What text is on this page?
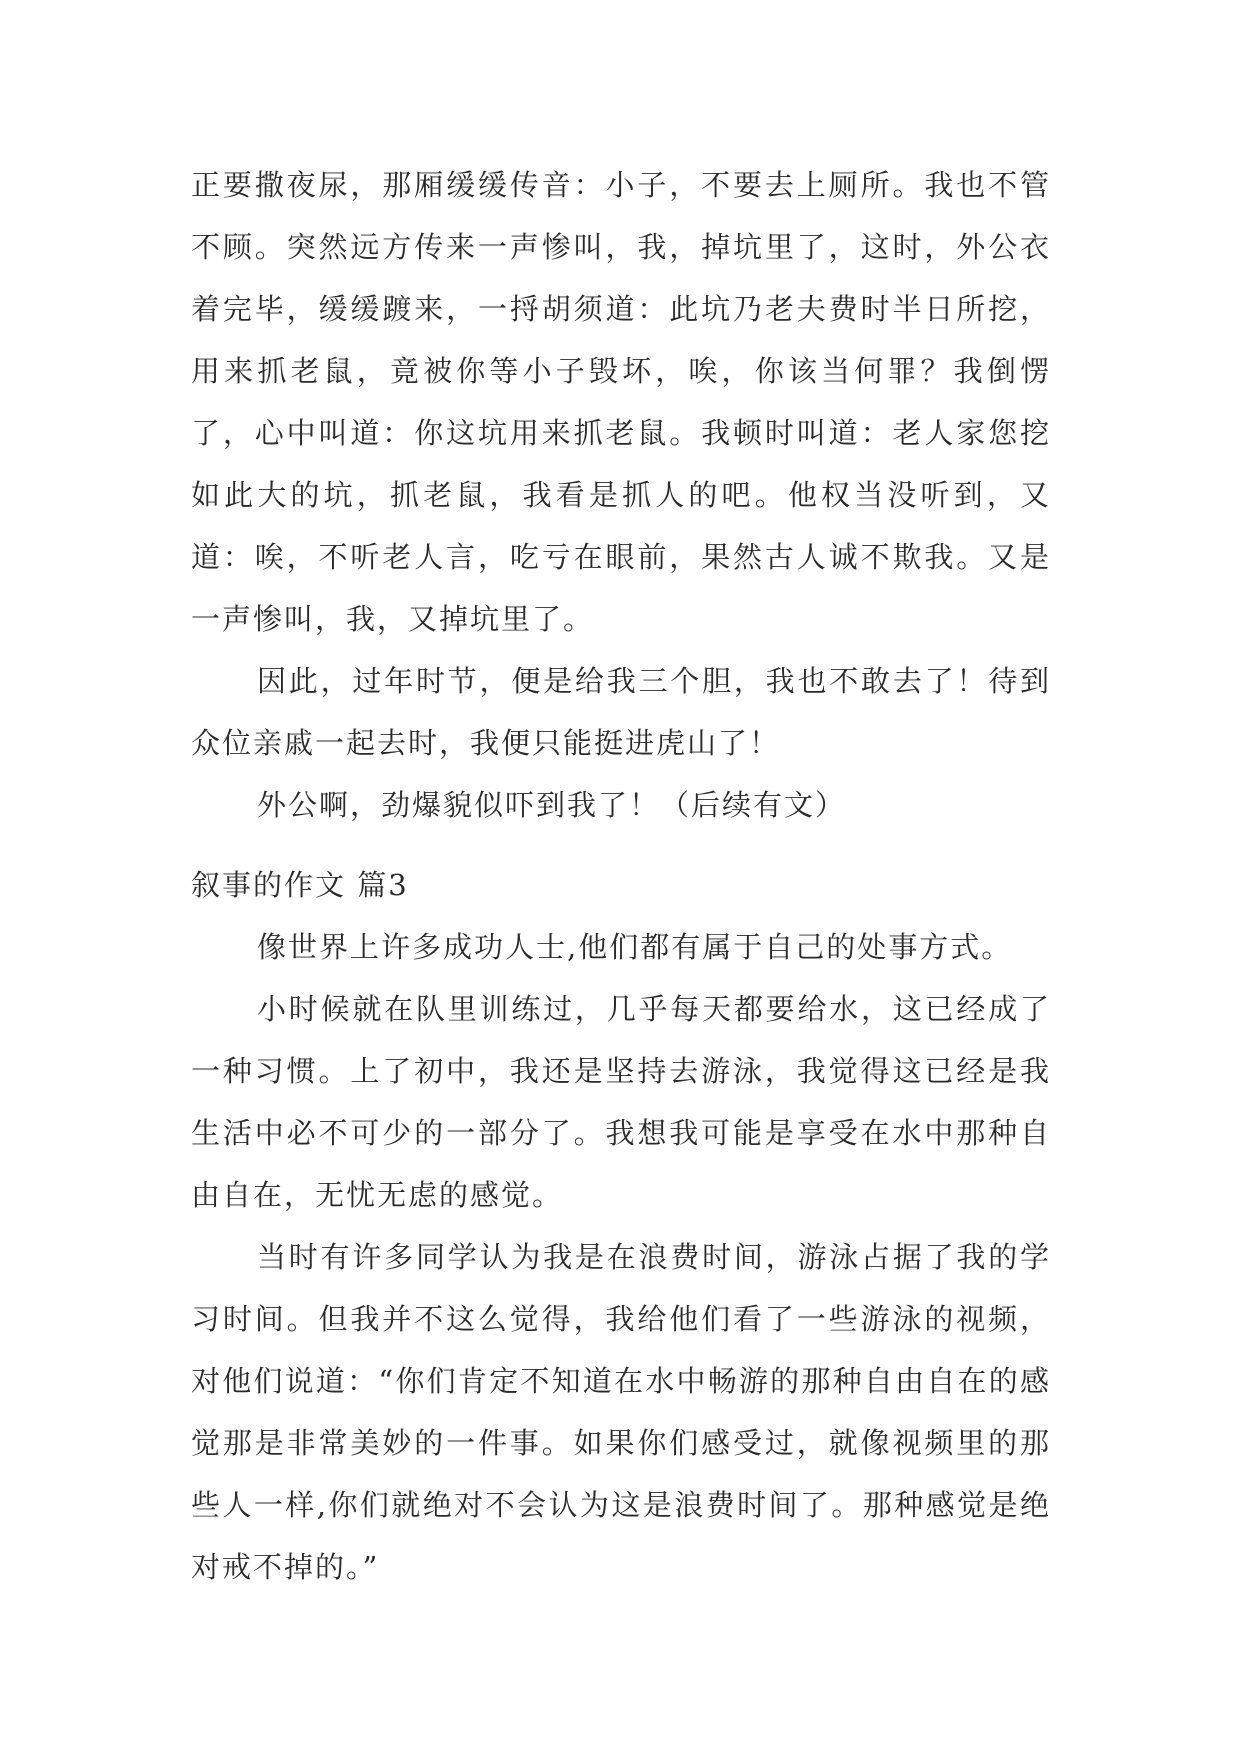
正要撒夜尿，那厢缓缓传音：小子，不要去上厕所。我也不管不顾。突然远方传来一声惨叫，我，掉坑里了，这时，外公衣着完毕，缓缓踱来，一捋胡须道：此坑乃老夫费时半日所挖，用来抓老鼠，竟被你等小子毁坏，唉，你该当何罪？我倒愣了，心中叫道：你这坑用来抓老鼠。我顿时叫道：老人家您挖如此大的坑，抓老鼠，我看是抓人的吧。他权当没听到，又道：唉，不听老人言，吃亏在眼前，果然古人诚不欺我。又是一声惨叫，我，又掉坑里了。

因此，过年时节，便是给我三个胆，我也不敢去了！待到众位亲戚一起去时，我便只能挺进虎山了！

外公啊，劲爆貌似吓到我了！（后续有文）

叙事的作文 篇3

像世界上许多成功人士,他们都有属于自己的处事方式。

小时候就在队里训练过，几乎每天都要给水，这已经成了一种习惯。上了初中，我还是坚持去游泳，我觉得这已经是我生活中必不可少的一部分了。我想我可能是享受在水中那种自由自在，无忧无虑的感觉。

当时有许多同学认为我是在浪费时间，游泳占据了我的学习时间。但我并不这么觉得，我给他们看了一些游泳的视频，对他们说道：“你们肯定不知道在水中畅游的那种自由自在的感觉那是非常美妙的一件事。如果你们感受过，就像视频里的那些人一样,你们就绝对不会认为这是浪费时间了。那种感觉是绝对戒不掉的。”
